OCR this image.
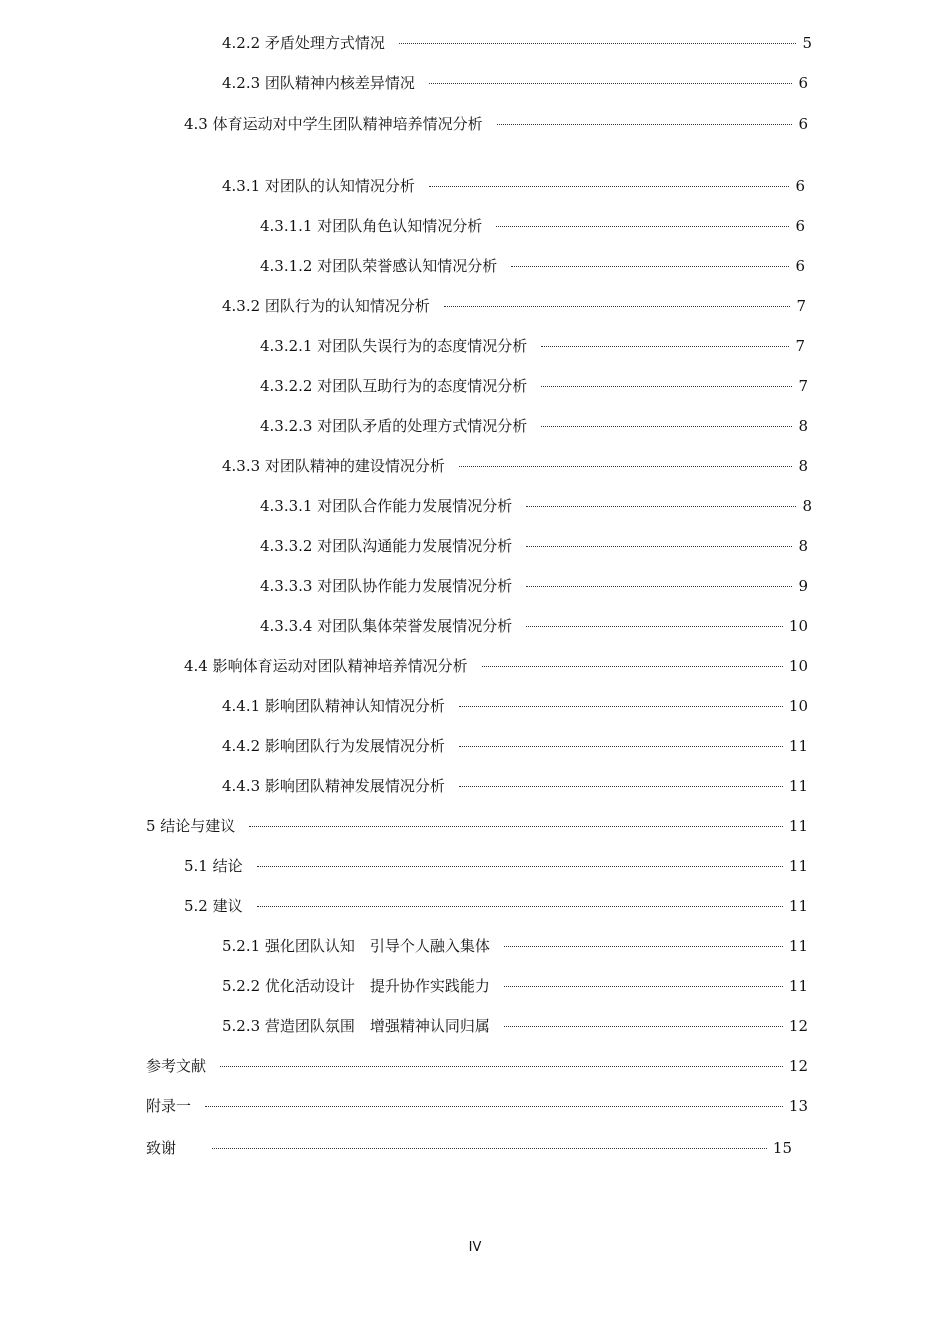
4.2.2 矛盾处理方式情况	5
4.2.3 团队精神内核差异情况	6
4.3 体育运动对中学生团队精神培养情况分析	6
4.3.1 对团队的认知情况分析	6
4.3.1.1 对团队角色认知情况分析	6
4.3.1.2 对团队荣誉感认知情况分析	6
4.3.2 团队行为的认知情况分析	7
4.3.2.1 对团队失误行为的态度情况分析	7
4.3.2.2 对团队互助行为的态度情况分析	7
4.3.2.3 对团队矛盾的处理方式情况分析	8
4.3.3 对团队精神的建设情况分析	8
4.3.3.1 对团队合作能力发展情况分析	8
4.3.3.2 对团队沟通能力发展情况分析	8
4.3.3.3 对团队协作能力发展情况分析	9
4.3.3.4 对团队集体荣誉发展情况分析	10
4.4 影响体育运动对团队精神培养情况分析	10
4.4.1 影响团队精神认知情况分析	10
4.4.2 影响团队行为发展情况分析	11
4.4.3 影响团队精神发展情况分析	11
5 结论与建议	11
5.1 结论	11
5.2 建议	11
5.2.1 强化团队认知　引导个人融入集体	11
5.2.2 优化活动设计　提升协作实践能力	11
5.2.3 营造团队氛围　增强精神认同归属	12
参考文献	12
附录一	13
致谢	15
IV
